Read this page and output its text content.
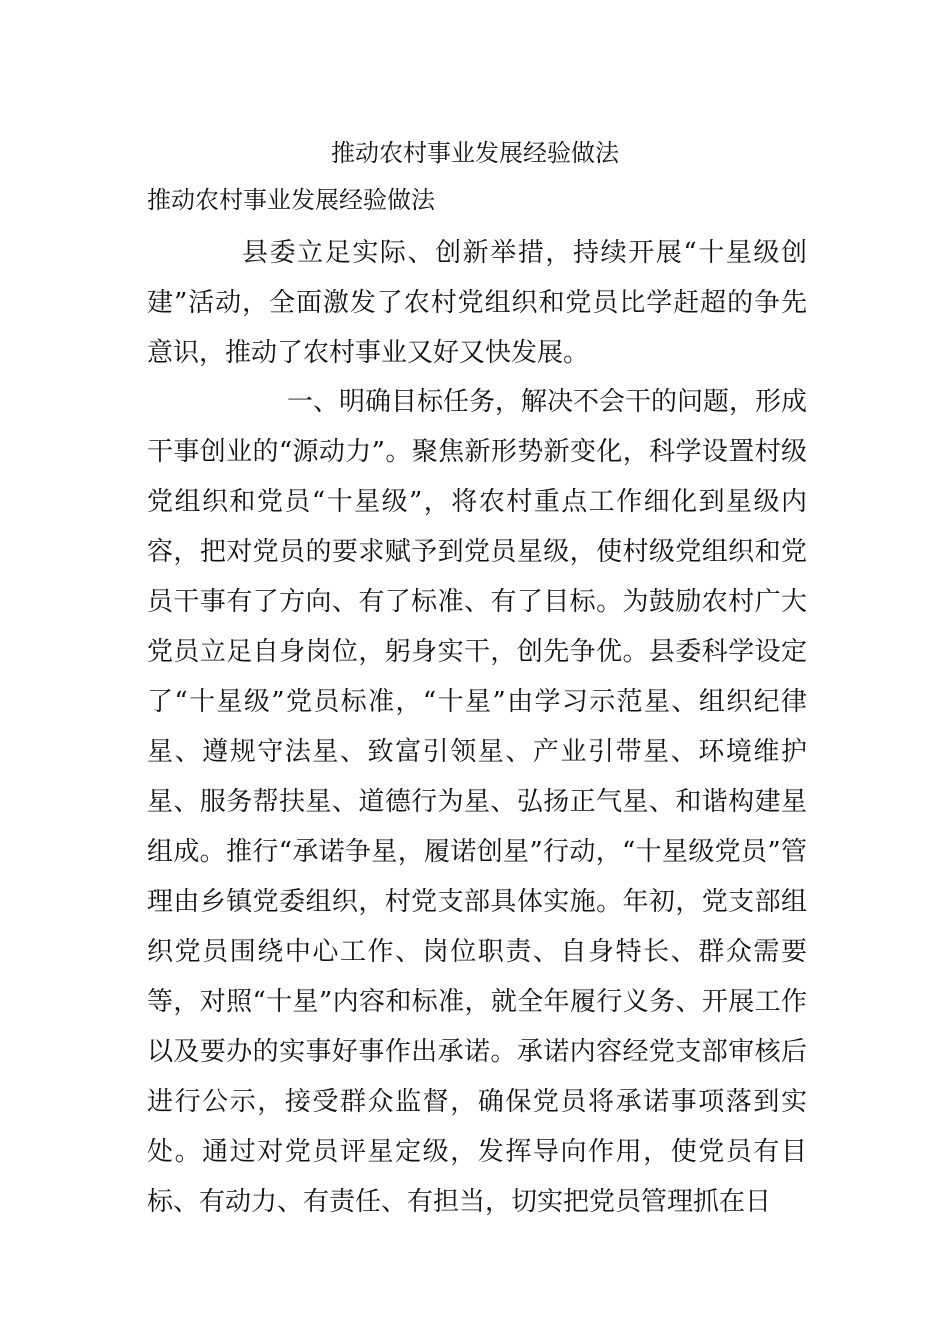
推动农村事业发展经验做法
推动农村事业发展经验做法

县委立足实际、创新举措，持续开展“十星级创建”活动，全面激发了农村党组织和党员比学赶超的争先意识，推动了农村事业又好又快发展。

一、明确目标任务，解决不会干的问题，形成干事创业的“源动力”。聚焦新形势新变化，科学设置村级党组织和党员“十星级”，将农村重点工作细化到星级内容，把对党员的要求赋予到党员星级，使村级党组织和党员干事有了方向、有了标准、有了目标。为鼓励农村广大党员立足自身岗位，躬身实干，创先争优。县委科学设定了“十星级”党员标准，“十星”由学习示范星、组织纪律星、遵规守法星、致富引领星、产业引带星、环境维护星、服务帮扶星、道德行为星、弘扬正气星、和谐构建星组成。推行“承诺争星，履诺创星”行动，“十星级党员”管理由乡镇党委组织，村党支部具体实施。年初，党支部组织党员围绕中心工作、岗位职责、自身特长、群众需要等，对照“十星”内容和标准，就全年履行义务、开展工作以及要办的实事好事作出承诺。承诺内容经党支部审核后进行公示，接受群众监督，确保党员将承诺事项落到实处。通过对党员评星定级，发挥导向作用，使党员有目标、有动力、有责任、有担当，切实把党员管理抓在日
